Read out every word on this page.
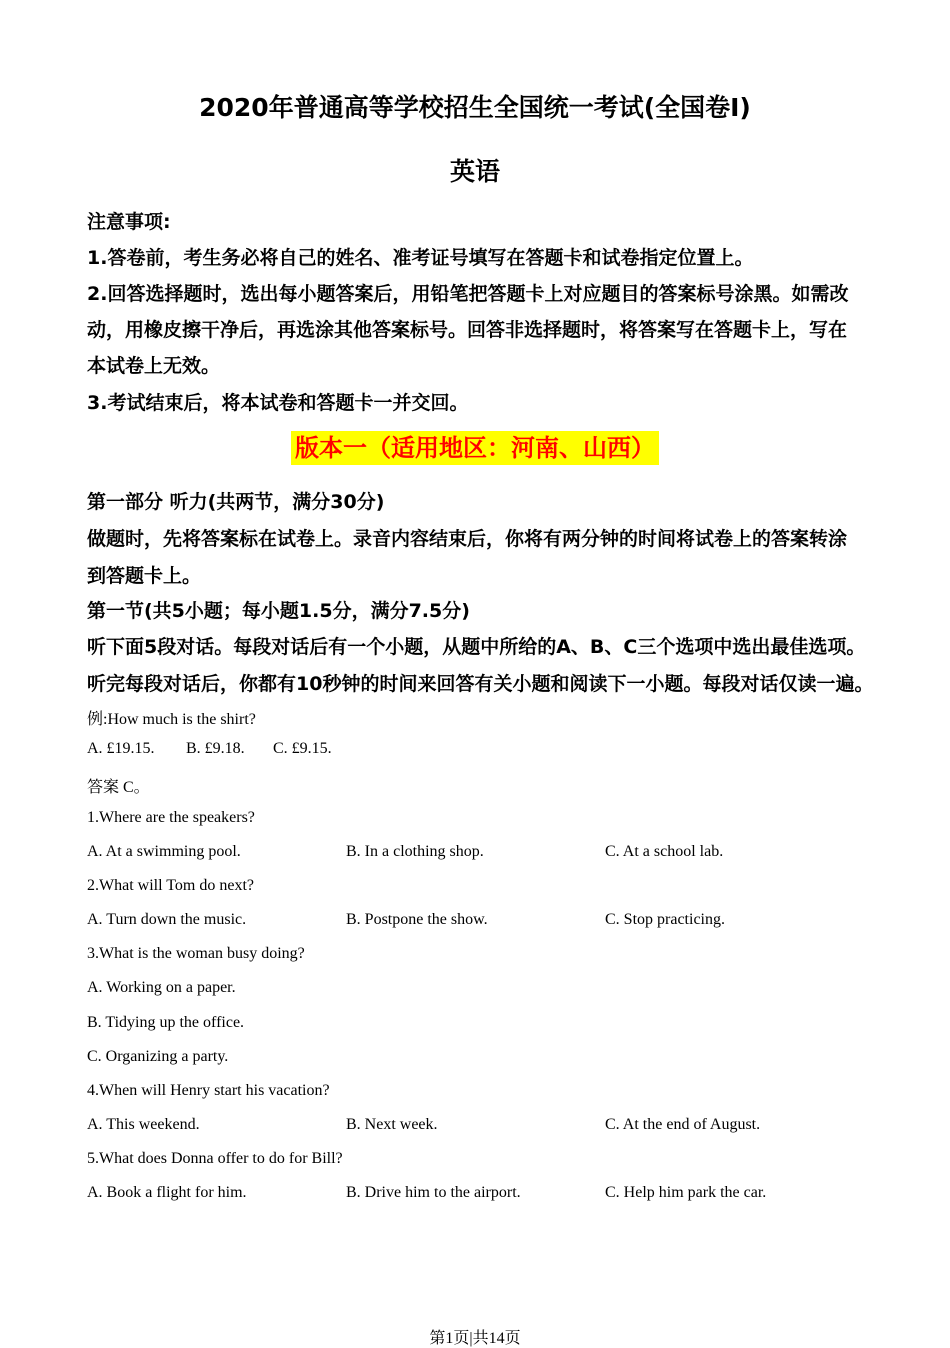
2020年普通高等学校招生全国统一考试(全国卷Ⅰ)
英语
注意事项:
1.答卷前，考生务必将自己的姓名、准考证号填写在答题卡和试卷指定位置上。
2.回答选择题时，选出每小题答案后，用铅笔把答题卡上对应题目的答案标号涂黑。如需改
动，用橡皮擦干净后，再选涂其他答案标号。回答非选择题时，将答案写在答题卡上，写在
本试卷上无效。
3.考试结束后，将本试卷和答题卡一并交回。
版本一（适用地区：河南、山西）
第一部分 听力(共两节，满分30分)
做题时，先将答案标在试卷上。录音内容结束后，你将有两分钟的时间将试卷上的答案转涂
到答题卡上。
第一节(共5小题；每小题1.5分，满分7.5分)
听下面5段对话。每段对话后有一个小题，从题中所给的A、B、C三个选项中选出最佳选项。
听完每段对话后，你都有10秒钟的时间来回答有关小题和阅读下一小题。每段对话仅读一遍。
例:How much is the shirt?
A. £19.15. B. £9.18. C. £9.15.
答案 C。
1.Where are the speakers?
A. At a swimming pool.	B. In a clothing shop.	C. At a school lab.
2.What will Tom do next?
A. Turn down the music.	B. Postpone the show.	C. Stop practicing.
3.What is the woman busy doing?
A. Working on a paper.
B. Tidying up the office.
C. Organizing a party.
4.When will Henry start his vacation?
A. This weekend.	B. Next week.	C. At the end of August.
5.What does Donna offer to do for Bill?
A. Book a flight for him.	B. Drive him to the airport.	C. Help him park the car.
第1页|共14页
